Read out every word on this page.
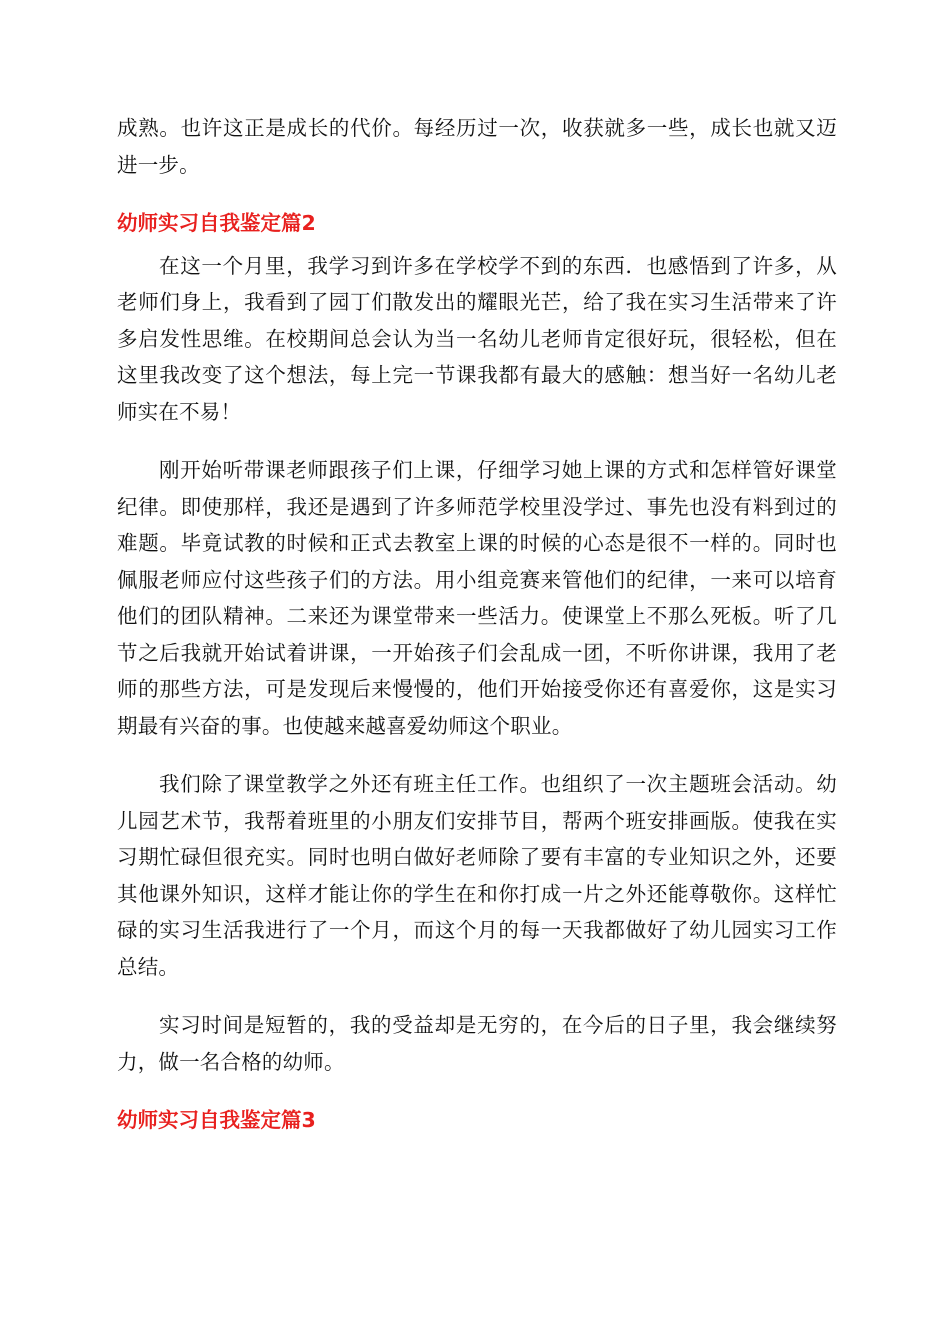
成熟。也许这正是成长的代价。每经历过一次，收获就多一些，成长也就又迈进一步。

幼师实习自我鉴定篇2

在这一个月里，我学习到许多在学校学不到的东西．也感悟到了许多，从老师们身上，我看到了园丁们散发出的耀眼光芒，给了我在实习生活带来了许多启发性思维。在校期间总会认为当一名幼儿老师肯定很好玩，很轻松，但在这里我改变了这个想法，每上完一节课我都有最大的感触：想当好一名幼儿老师实在不易！

刚开始听带课老师跟孩子们上课，仔细学习她上课的方式和怎样管好课堂纪律。即使那样，我还是遇到了许多师范学校里没学过、事先也没有料到过的难题。毕竟试教的时候和正式去教室上课的时候的心态是很不一样的。同时也佩服老师应付这些孩子们的方法。用小组竞赛来管他们的纪律，一来可以培育他们的团队精神。二来还为课堂带来一些活力。使课堂上不那么死板。听了几节之后我就开始试着讲课，一开始孩子们会乱成一团，不听你讲课，我用了老师的那些方法，可是发现后来慢慢的，他们开始接受你还有喜爱你，这是实习期最有兴奋的事。也使越来越喜爱幼师这个职业。

我们除了课堂教学之外还有班主任工作。也组织了一次主题班会活动。幼儿园艺术节，我帮着班里的小朋友们安排节目，帮两个班安排画版。使我在实习期忙碌但很充实。同时也明白做好老师除了要有丰富的专业知识之外，还要其他课外知识，这样才能让你的学生在和你打成一片之外还能尊敬你。这样忙碌的实习生活我进行了一个月，而这个月的每一天我都做好了幼儿园实习工作总结。

实习时间是短暂的，我的受益却是无穷的，在今后的日子里，我会继续努力，做一名合格的幼师。

幼师实习自我鉴定篇3
